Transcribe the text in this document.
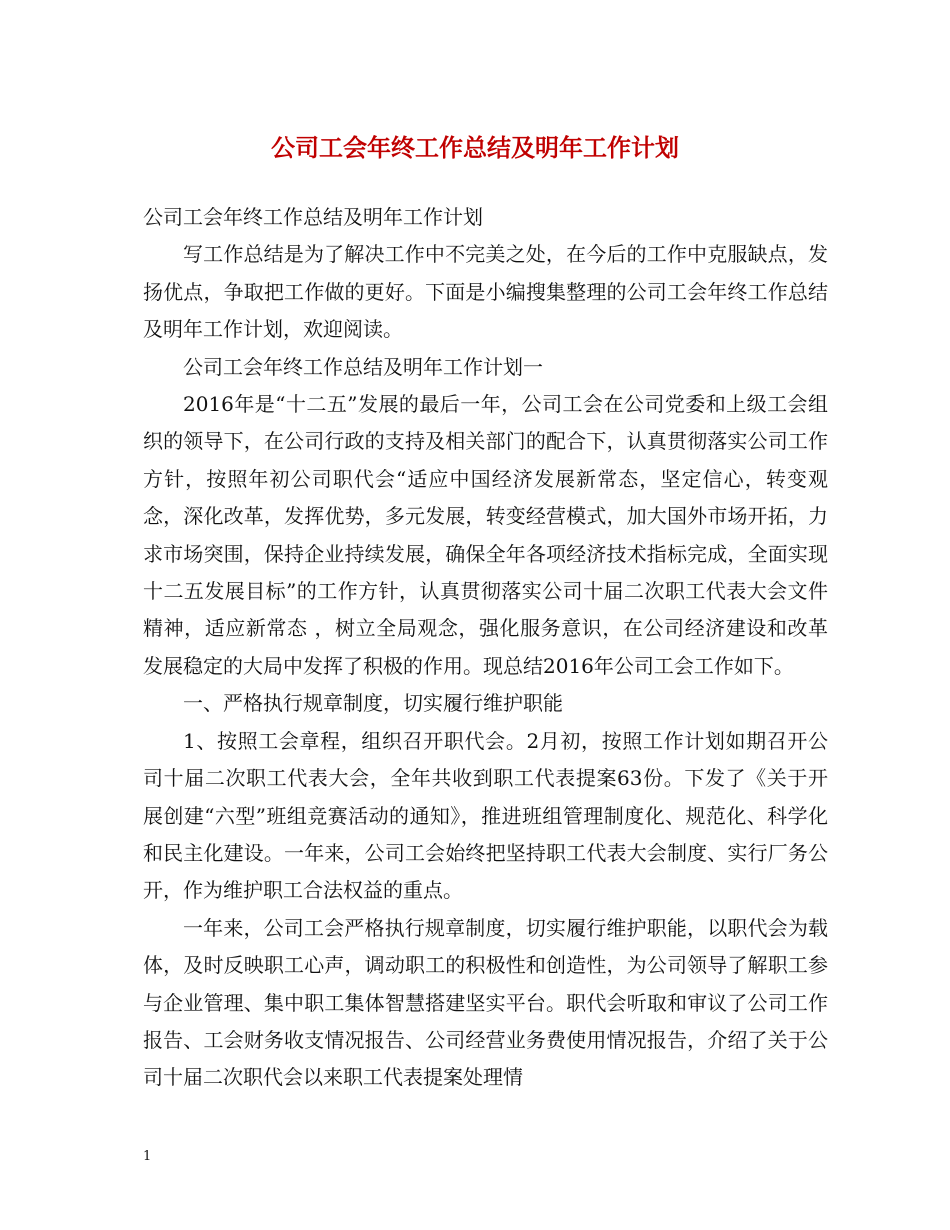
公司工会年终工作总结及明年工作计划

公司工会年终工作总结及明年工作计划

写工作总结是为了解决工作中不完美之处，在今后的工作中克服缺点，发扬优点，争取把工作做的更好。下面是小编搜集整理的公司工会年终工作总结及明年工作计划，欢迎阅读。

公司工会年终工作总结及明年工作计划一

2016年是“十二五”发展的最后一年，公司工会在公司党委和上级工会组织的领导下，在公司行政的支持及相关部门的配合下，认真贯彻落实公司工作方针，按照年初公司职代会“适应中国经济发展新常态，坚定信心，转变观念，深化改革，发挥优势，多元发展，转变经营模式，加大国外市场开拓，力求市场突围，保持企业持续发展，确保全年各项经济技术指标完成，全面实现十二五发展目标”的工作方针，认真贯彻落实公司十届二次职工代表大会文件精神，适应新常态 ，树立全局观念，强化服务意识，在公司经济建设和改革发展稳定的大局中发挥了积极的作用。现总结2016年公司工会工作如下。

一、严格执行规章制度，切实履行维护职能

1、按照工会章程，组织召开职代会。2月初，按照工作计划如期召开公司十届二次职工代表大会，全年共收到职工代表提案63份。下发了《关于开展创建“六型”班组竞赛活动的通知》，推进班组管理制度化、规范化、科学化和民主化建设。一年来，公司工会始终把坚持职工代表大会制度、实行厂务公开，作为维护职工合法权益的重点。

一年来，公司工会严格执行规章制度，切实履行维护职能，以职代会为载体，及时反映职工心声，调动职工的积极性和创造性，为公司领导了解职工参与企业管理、集中职工集体智慧搭建坚实平台。职代会听取和审议了公司工作报告、工会财务收支情况报告、公司经营业务费使用情况报告，介绍了关于公司十届二次职代会以来职工代表提案处理情

1
